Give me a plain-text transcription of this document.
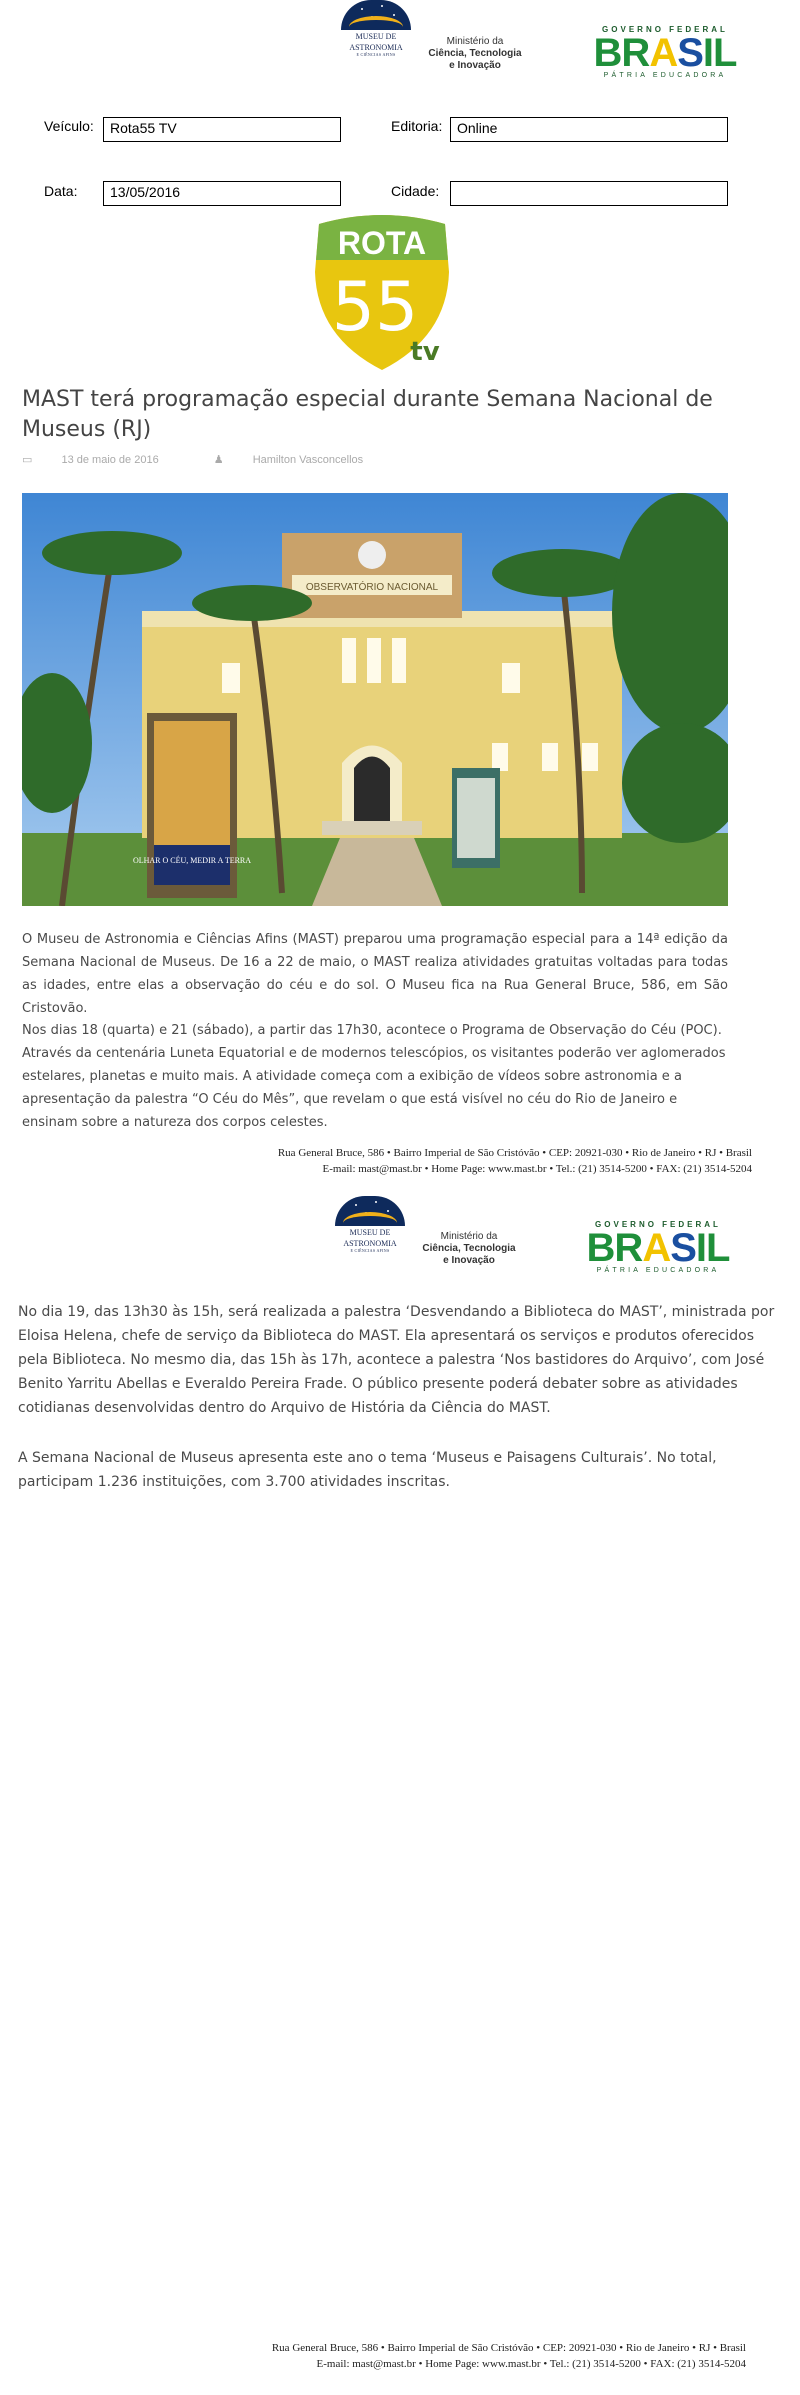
MUSEU DE
ASTRONOMIA
E CIÊNCIAS AFINS
Ministério da
Ciência, Tecnologia
e Inovação
GOVERNO FEDERAL
BRASIL
PÁTRIA EDUCADORA
Veículo:	Rota55 TV	Editoria:	Online
Data:	13/05/2016	Cidade:
ROTA
55
tv
MAST terá programação especial durante Semana Nacional de Museus (RJ)
▭ 13 de maio de 2016	♟ Hamilton Vasconcellos
OBSERVATÓRIO NACIONAL
OLHAR O CÉU, MEDIR A TERRA
O Museu de Astronomia e Ciências Afins (MAST) preparou uma programação especial para a 14ª edição da Semana Nacional de Museus. De 16 a 22 de maio, o MAST realiza atividades gratuitas voltadas para todas as idades, entre elas a observação do céu e do sol. O Museu fica na Rua General Bruce, 586, em São Cristovão.
Nos dias 18 (quarta) e 21 (sábado), a partir das 17h30, acontece o Programa de Observação do Céu (POC). Através da centenária Luneta Equatorial e de modernos telescópios, os visitantes poderão ver aglomerados estelares, planetas e muito mais. A atividade começa com a exibição de vídeos sobre astronomia e a apresentação da palestra “O Céu do Mês”, que revelam o que está visível no céu do Rio de Janeiro e ensinam sobre a natureza dos corpos celestes.
Rua General Bruce, 586 • Bairro Imperial de São Cristóvão • CEP: 20921-030 • Rio de Janeiro • RJ • Brasil
E-mail: mast@mast.br • Home Page: www.mast.br • Tel.: (21) 3514-5200 • FAX: (21) 3514-5204
MUSEU DE
ASTRONOMIA
E CIÊNCIAS AFINS
Ministério da
Ciência, Tecnologia
e Inovação
GOVERNO FEDERAL
BRASIL
PÁTRIA EDUCADORA
No dia 19, das 13h30 às 15h, será realizada a palestra ‘Desvendando a Biblioteca do MAST’, ministrada por Eloisa Helena, chefe de serviço da Biblioteca do MAST. Ela apresentará os serviços e produtos oferecidos pela Biblioteca. No mesmo dia, das 15h às 17h, acontece a palestra ‘Nos bastidores do Arquivo’, com José Benito Yarritu Abellas e Everaldo Pereira Frade. O público presente poderá debater sobre as atividades cotidianas desenvolvidas dentro do Arquivo de História da Ciência do MAST.
A Semana Nacional de Museus apresenta este ano o tema ‘Museus e Paisagens Culturais’. No total, participam 1.236 instituições, com 3.700 atividades inscritas.
Rua General Bruce, 586 • Bairro Imperial de São Cristóvão • CEP: 20921-030 • Rio de Janeiro • RJ • Brasil
E-mail: mast@mast.br • Home Page: www.mast.br • Tel.: (21) 3514-5200 • FAX: (21) 3514-5204
